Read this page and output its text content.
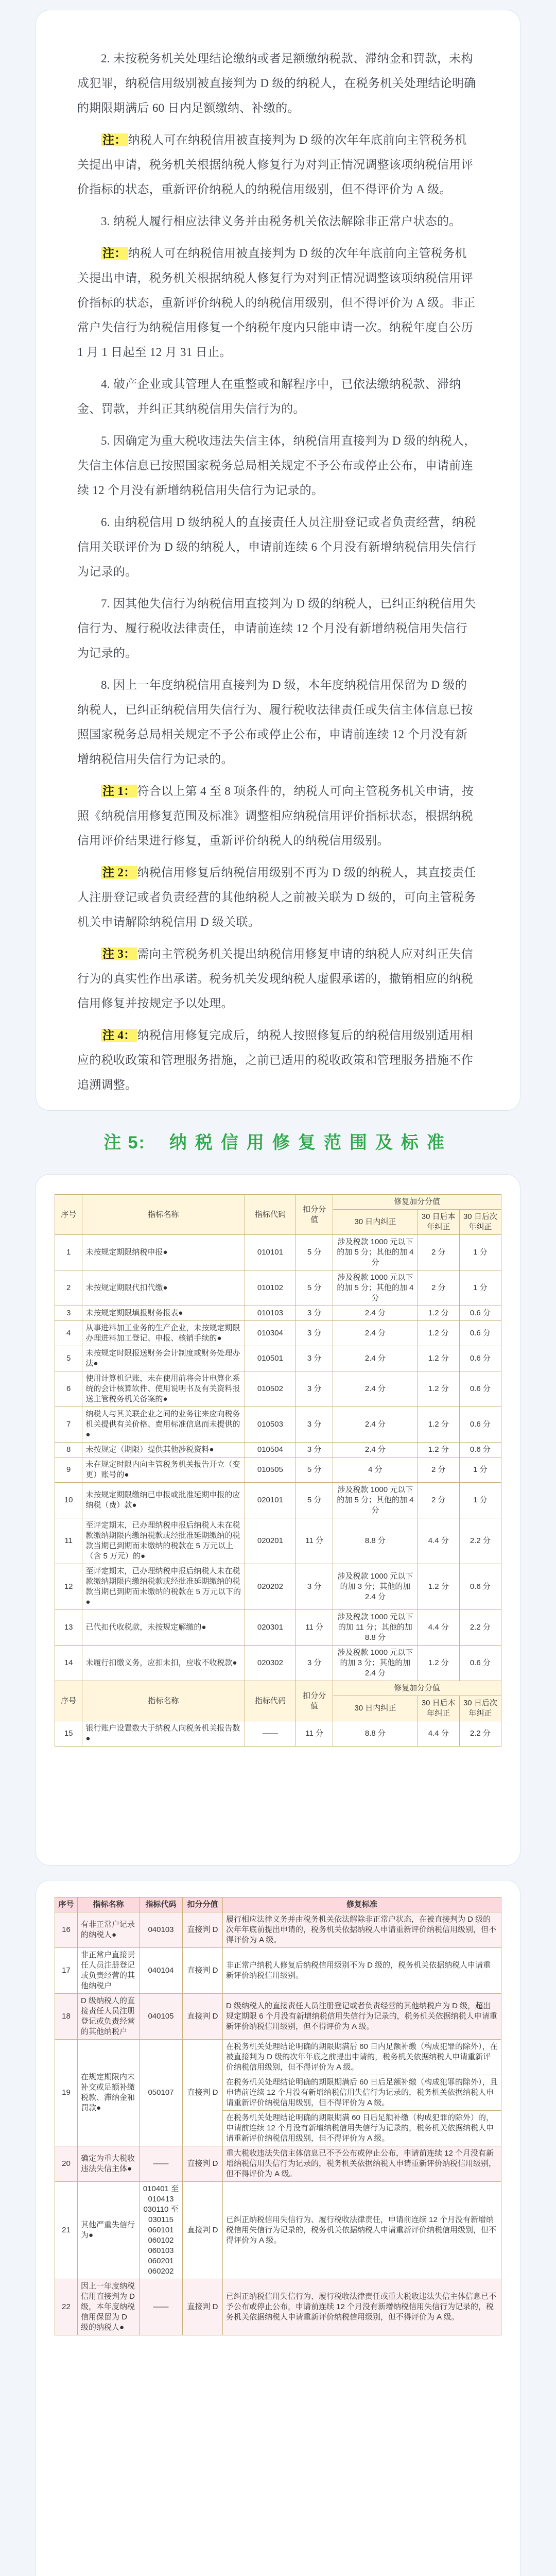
2. 未按税务机关处理结论缴纳或者足额缴纳税款、滞纳金和罚款，未构成犯罪，纳税信用级别被直接判为 D 级的纳税人，在税务机关处理结论明确的期限期满后 60 日内足额缴纳、补缴的。

注： 纳税人可在纳税信用被直接判为 D 级的次年年底前向主管税务机关提出申请，税务机关根据纳税人修复行为对判正情况调整该项纳税信用评价指标的状态，重新评价纳税人的纳税信用级别，但不得评价为 A 级。

3. 纳税人履行相应法律义务并由税务机关依法解除非正常户状态的。

注： 纳税人可在纳税信用被直接判为 D 级的次年年底前向主管税务机关提出申请，税务机关根据纳税人修复行为对判正情况调整该项纳税信用评价指标的状态，重新评价纳税人的纳税信用级别，但不得评价为 A 级。非正常户失信行为纳税信用修复一个纳税年度内只能申请一次。纳税年度自公历 1 月 1 日起至 12 月 31 日止。

4. 破产企业或其管理人在重整或和解程序中，已依法缴纳税款、滞纳金、罚款，并纠正其纳税信用失信行为的。

5. 因确定为重大税收违法失信主体，纳税信用直接判为 D 级的纳税人，失信主体信息已按照国家税务总局相关规定不予公布或停止公布，申请前连续 12 个月没有新增纳税信用失信行为记录的。

6. 由纳税信用 D 级纳税人的直接责任人员注册登记或者负责经营，纳税信用关联评价为 D 级的纳税人，申请前连续 6 个月没有新增纳税信用失信行为记录的。

7. 因其他失信行为纳税信用直接判为 D 级的纳税人，已纠正纳税信用失信行为、履行税收法律责任，申请前连续 12 个月没有新增纳税信用失信行为记录的。

8. 因上一年度纳税信用直接判为 D 级，本年度纳税信用保留为 D 级的纳税人，已纠正纳税信用失信行为、履行税收法律责任或失信主体信息已按照国家税务总局相关规定不予公布或停止公布，申请前连续 12 个月没有新增纳税信用失信行为记录的。

注 1： 符合以上第 4 至 8 项条件的，纳税人可向主管税务机关申请，按照《纳税信用修复范围及标准》调整相应纳税信用评价指标状态，根据纳税信用评价结果进行修复，重新评价纳税人的纳税信用级别。

注 2： 纳税信用修复后纳税信用级别不再为 D 级的纳税人，其直接责任人注册登记或者负责经营的其他纳税人之前被关联为 D 级的，可向主管税务机关申请解除纳税信用 D 级关联。

注 3： 需向主管税务机关提出纳税信用修复申请的纳税人应对纠正失信行为的真实性作出承诺。税务机关发现纳税人虚假承诺的，撤销相应的纳税信用修复并按规定予以处理。

注 4： 纳税信用修复完成后，纳税人按照修复后的纳税信用级别适用相应的税收政策和管理服务措施，之前已适用的税收政策和管理服务措施不作追溯调整。

注 5: 纳税信用修复范围及标准
序号	指标名称	指标代码	扣分分值	修复加分分值		
				30 日内纠正	30 日后本年纠正	30 日后次年纠正
1	未按规定期限纳税申报●	010101	5 分	涉及税款 1000 元以下的加 5 分；其他的加 4 分	2 分	1 分
2	未按规定期限代扣代缴●	010102	5 分	涉及税款 1000 元以下的加 5 分；其他的加 4 分	2 分	1 分
3	未按规定期限填报财务报表●	010103	3 分	2.4 分	1.2 分	0.6 分
4	从事进料加工业务的生产企业，未按规定期限办理进料加工登记、申报、核销手续的●	010304	3 分	2.4 分	1.2 分	0.6 分
5	未按规定时限报送财务会计制度或财务处理办法●	010501	3 分	2.4 分	1.2 分	0.6 分
6	使用计算机记账，未在使用前将会计电算化系统的会计核算软件、使用说明书及有关资料报送主管税务机关备案的●	010502	3 分	2.4 分	1.2 分	0.6 分
7	纳税人与其关联企业之间的业务往来应向税务机关提供有关价格、费用标准信息而未提供的●	010503	3 分	2.4 分	1.2 分	0.6 分
8	未按规定（期限）提供其他涉税资料●	010504	3 分	2.4 分	1.2 分	0.6 分
9	未在规定时限内向主管税务机关报告开立（变更）账号的●	010505	5 分	4 分	2 分	1 分
10	未按规定期限缴纳已申报或批准延期申报的应纳税（费）款●	020101	5 分	涉及税款 1000 元以下的加 5 分；其他的加 4 分	2 分	1 分
11	至评定期末，已办理纳税申报后纳税人未在税款缴纳期限内缴纳税款或经批准延期缴纳的税款当期已到期而未缴纳的税款在 5 万元以上（含 5 万元）的●	020201	11 分	8.8 分	4.4 分	2.2 分
12	至评定期末，已办理纳税申报后纳税人未在税款缴纳期限内缴纳税款或经批准延期缴纳的税款当期已到期而未缴纳的税款在 5 万元以下的●	020202	3 分	涉及税款 1000 元以下的加 3 分；其他的加 2.4 分	1.2 分	0.6 分
13	已代扣代收税款，未按规定解缴的●	020301	11 分	涉及税款 1000 元以下的加 11 分；其他的加 8.8 分	4.4 分	2.2 分
14	未履行扣缴义务，应扣未扣，应收不收税款●	020302	3 分	涉及税款 1000 元以下的加 3 分；其他的加 2.4 分	1.2 分	0.6 分
序号	指标名称	指标代码	扣分分值	修复加分分值		
				30 日内纠正	30 日后本年纠正	30 日后次年纠正
15	银行账户设置数大于纳税人向税务机关报告数●	——	11 分	8.8 分	4.4 分	2.2 分
序号	指标名称	指标代码	扣分分值	修复标准
16	有非正常户记录的纳税人●	040103	直接判 D	履行相应法律义务并由税务机关依法解除非正常户状态，在被直接判为 D 级的次年年底前提出申请的，税务机关依据纳税人申请重新评价纳税信用级别，但不得评价为 A 级。
17	非正常户直接责任人员注册登记或负责经营的其他纳税户	040104	直接判 D	非正常户纳税人修复后纳税信用级别不为 D 级的，税务机关依据纳税人申请重新评价纳税信用级别。
18	D 级纳税人的直接责任人员注册登记或负责经营的其他纳税户	040105	直接判 D	D 级纳税人的直接责任人员注册登记或者负责经营的其他纳税户为 D 级，超出规定期限 6 个月没有新增纳税信用失信行为记录的，税务机关依据纳税人申请重新评价纳税信用级别，但不得评价为 A 级。
19	在规定期限内未补交或足额补缴税款、滞纳金和罚款●	050107	直接判 D	在税务机关处理结论明确的期限期满后 60 日内足额补缴（构成犯罪的除外），在被直接判为 D 级的次年年底之前提出申请的，税务机关依据纳税人申请重新评价纳税信用级别，但不得评价为 A 级。
				在税务机关处理结论明确的期限期满后 60 日后足额补缴（构成犯罪的除外），且申请前连续 12 个月没有新增纳税信用失信行为记录的，税务机关依据纳税人申请重新评价纳税信用级别，但不得评价为 A 级。
				在税务机关处理结论明确的期限期满 60 日后足额补缴（构成犯罪的除外）的，申请前连续 12 个月没有新增纳税信用失信行为记录的，税务机关依据纳税人申请重新评价纳税信用级别，但不得评价为 A 级。
20	确定为重大税收违法失信主体●	——	直接判 D	重大税收违法失信主体信息已不予公布或停止公布，申请前连续 12 个月没有新增纳税信用失信行为记录的，税务机关依据纳税人申请重新评价纳税信用级别，但不得评价为 A 级。
21	其他严重失信行为●	010401 至 010413 030110 至 030115 060101 060102 060103 060201 060202	直接判 D	已纠正纳税信用失信行为、履行税收法律责任，申请前连续 12 个月没有新增纳税信用失信行为记录的，税务机关依据纳税人申请重新评价纳税信用级别，但不得评价为 A 级。
22	因上一年度纳税信用直接判为 D 级，本年度纳税信用保留为 D 级的纳税人●	——	直接判 D	已纠正纳税信用失信行为、履行税收法律责任或重大税收违法失信主体信息已不予公布或停止公布，申请前连续 12 个月没有新增纳税信用失信行为记录的，税务机关依据纳税人申请重新评价纳税信用级别，但不得评价为 A 级。
